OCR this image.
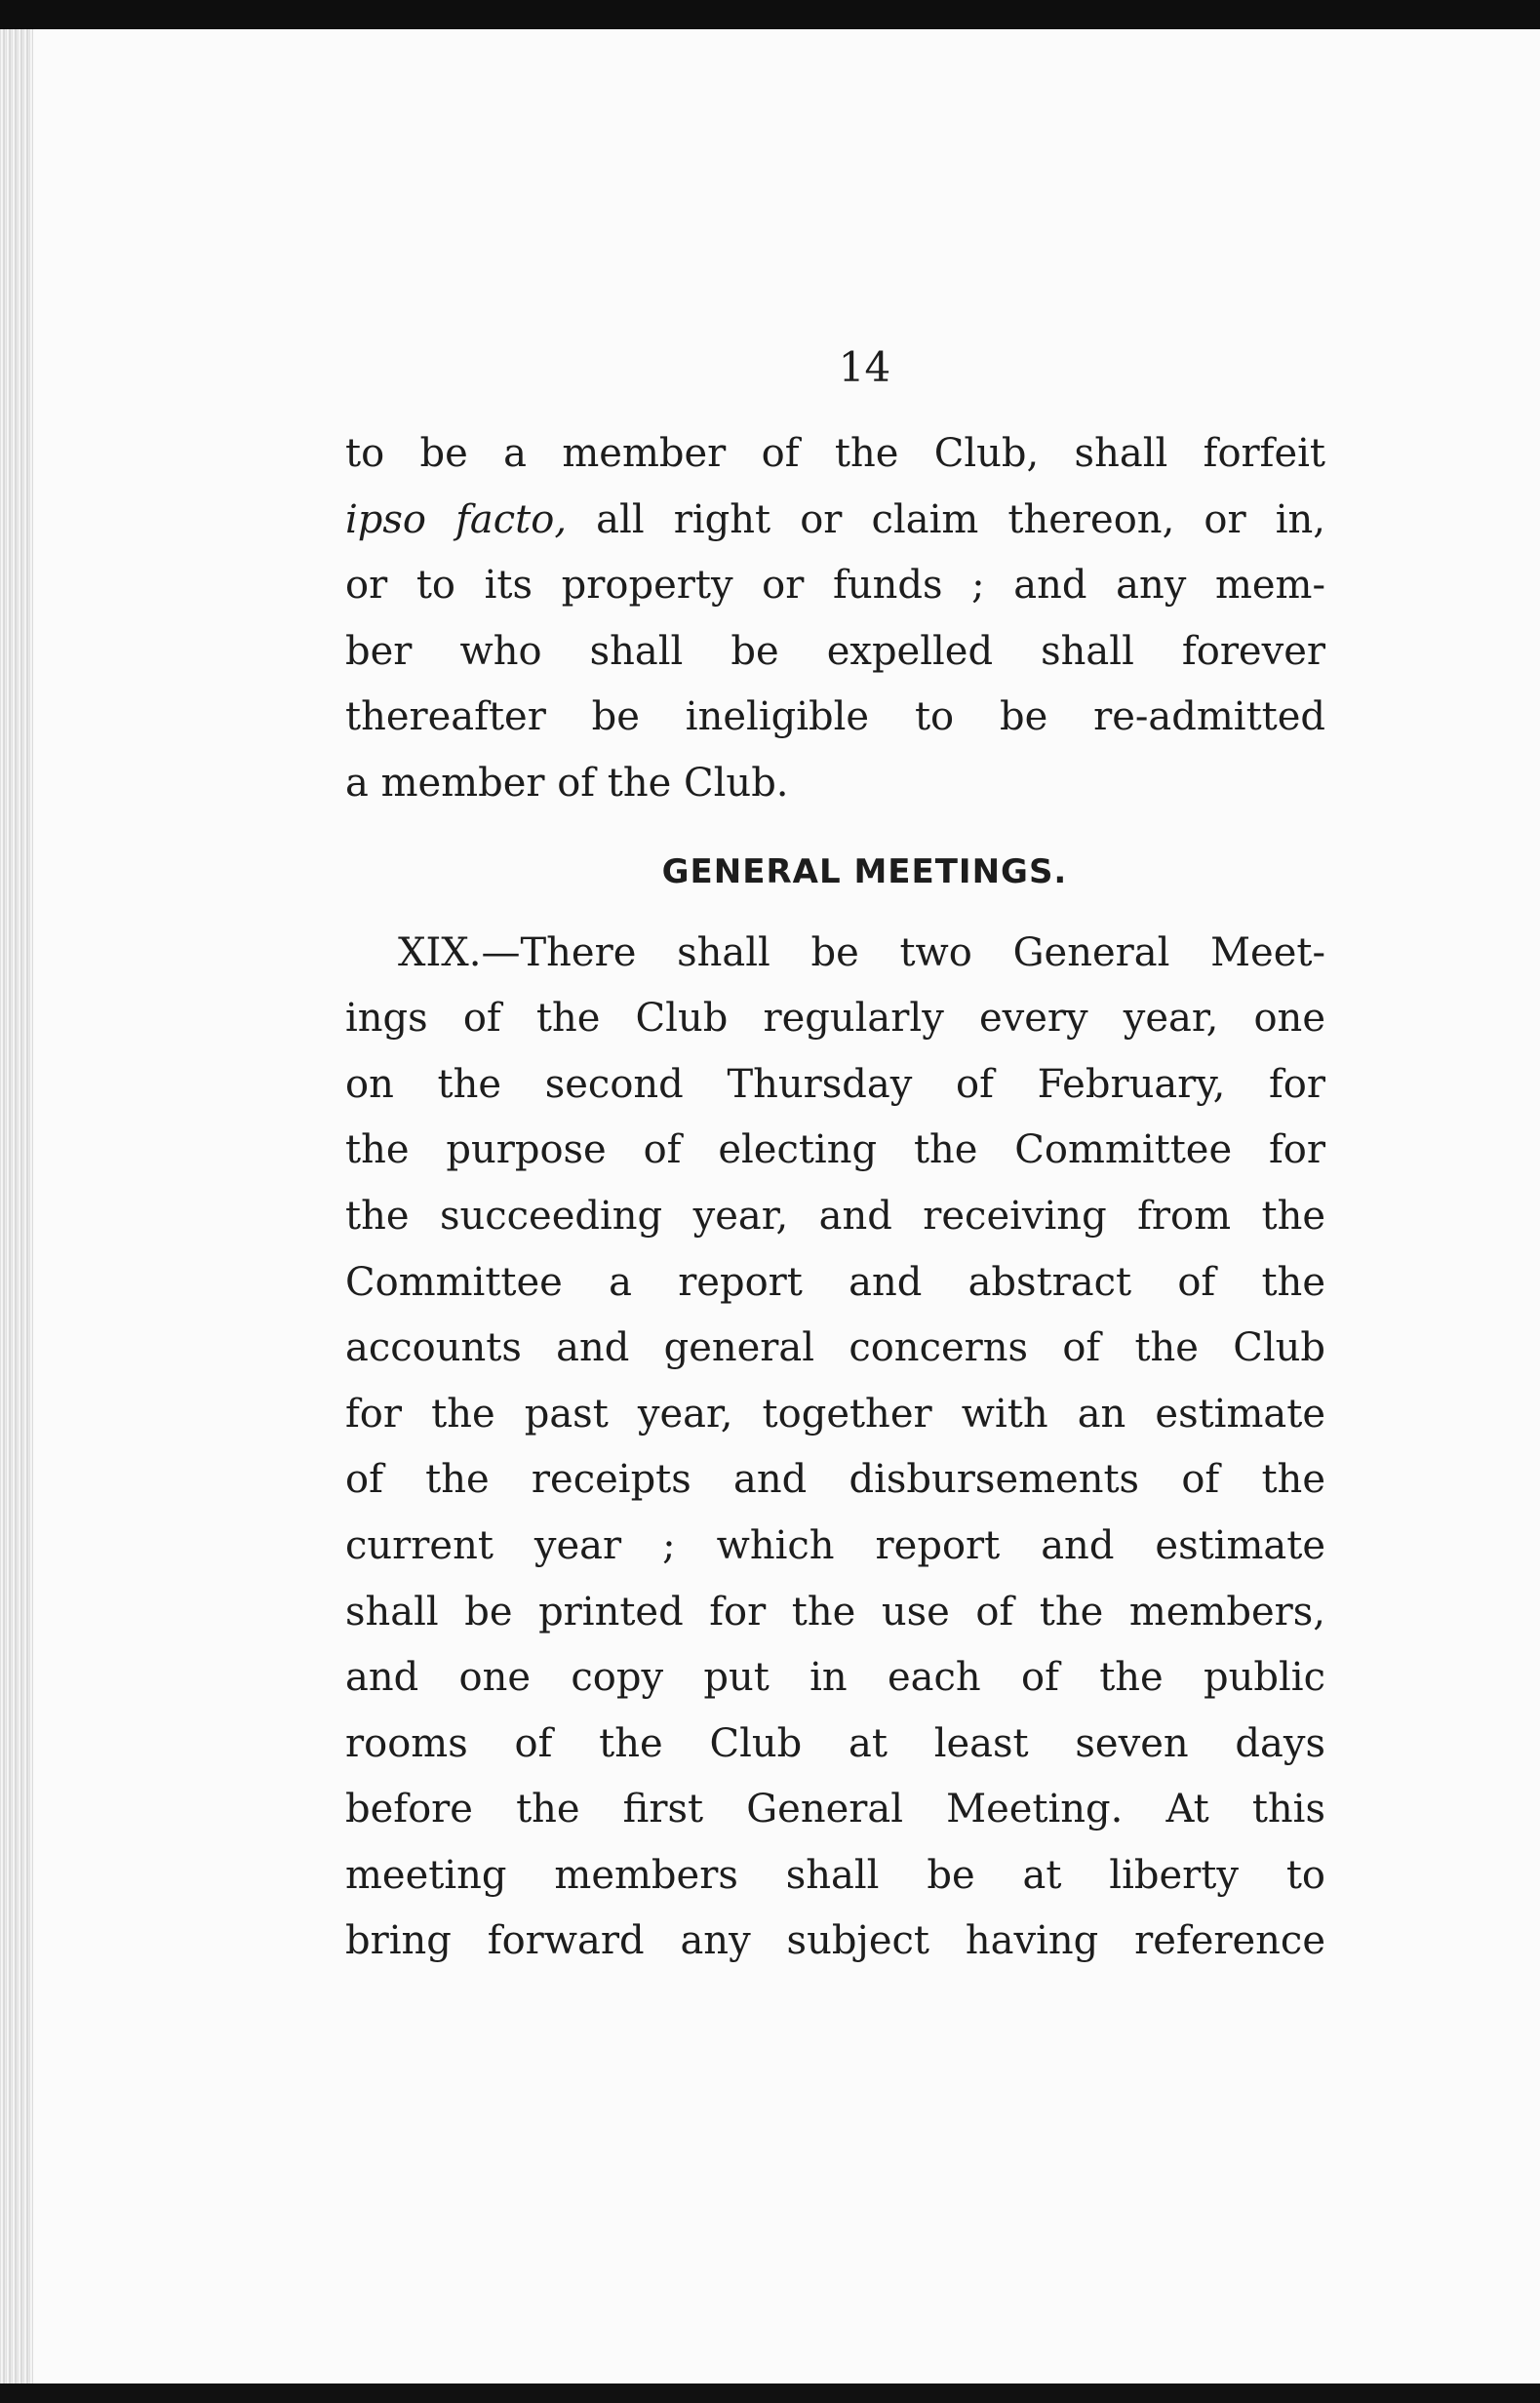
14
to be a member of the Club, shall forfeit
ipso facto, all right or claim thereon, or in,
or to its property or funds ; and any mem-
ber who shall be expelled shall forever
thereafter be ineligible to be re-admitted
a member of the Club.
GENERAL MEETINGS.
XIX.—There shall be two General Meet-
ings of the Club regularly every year, one
on the second Thursday of February, for
the purpose of electing the Committee for
the succeeding year, and receiving from the
Committee a report and abstract of the
accounts and general concerns of the Club
for the past year, together with an estimate
of the receipts and disbursements of the
current year ; which report and estimate
shall be printed for the use of the members,
and one copy put in each of the public
rooms of the Club at least seven days
before the first General Meeting. At this
meeting members shall be at liberty to
bring forward any subject having reference
